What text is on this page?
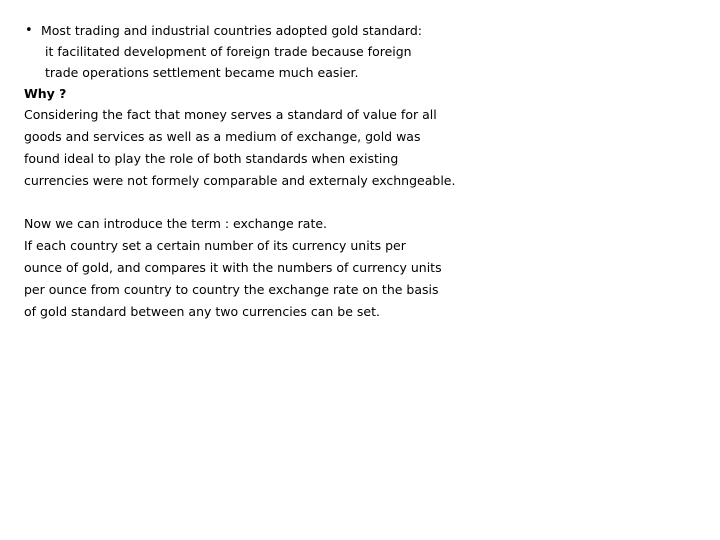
• Most trading and industrial countries adopted gold standard:
it facilitated development of foreign trade because foreign
trade operations settlement became much easier.
Why ?
Considering the fact that money serves a standard of value for all
goods and services as well as a medium of exchange, gold was
found ideal to play the role of both standards when existing
currencies were not formely comparable and externaly exchngeable.
Now we can introduce the term : exchange rate.
If each country set a certain number of its currency units per
ounce of gold, and compares it with the numbers of currency units
per ounce from country to country the exchange rate on the basis
of gold standard between any two currencies can be set.
